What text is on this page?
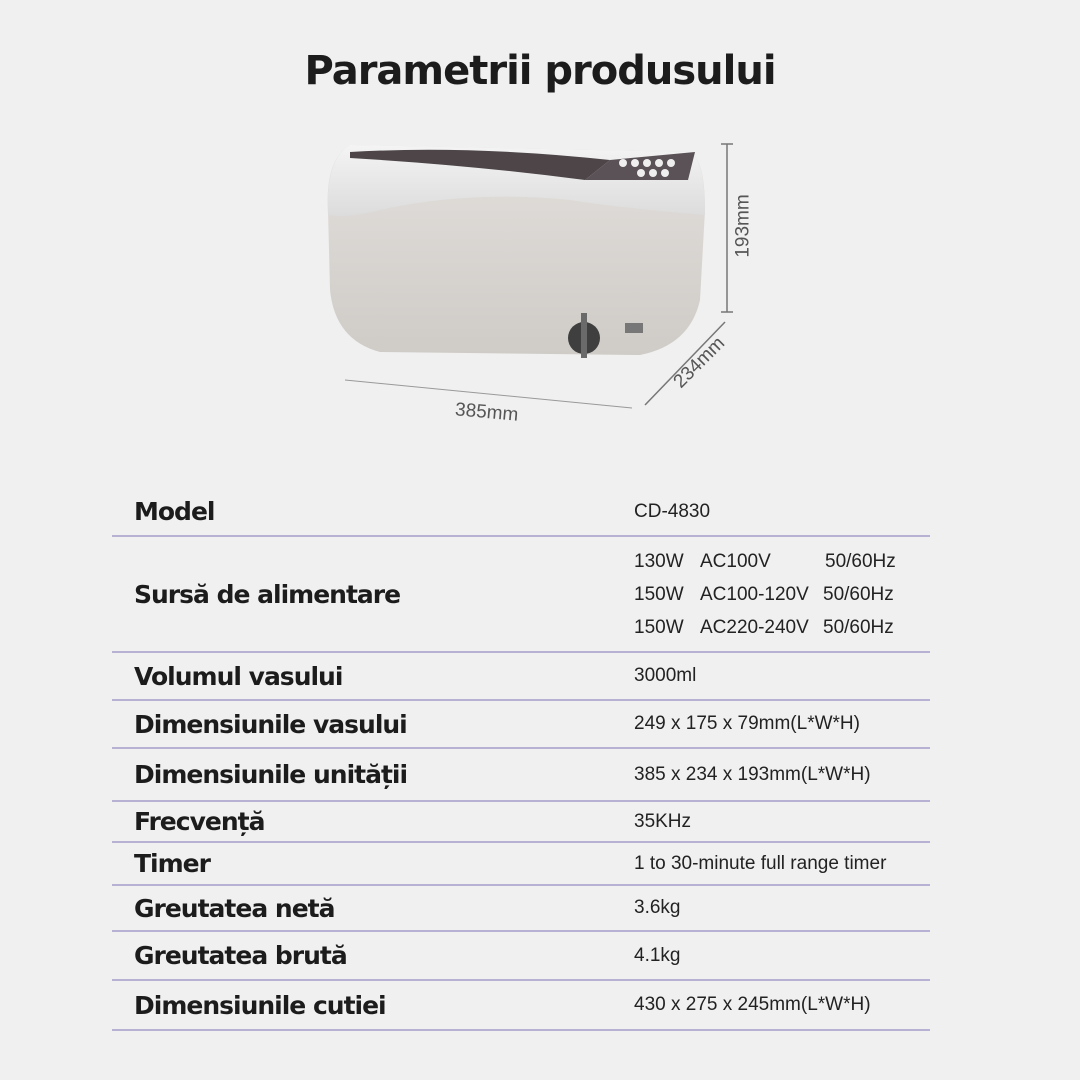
Parametrii produsului
193mm
234mm
385mm
Model	CD-4830
Sursă de alimentare
130W AC100V	50/60Hz
150W AC100-120V 50/60Hz
150W AC220-240V 50/60Hz
Volumul vasului	3000ml
Dimensiunile vasului	249 x 175 x 79mm(L*W*H)
Dimensiunile unității	385 x 234 x 193mm(L*W*H)
Frecvență	35KHz
Timer	1 to 30-minute full range timer
Greutatea netă	3.6kg
Greutatea brută	4.1kg
Dimensiunile cutiei	430 x 275 x 245mm(L*W*H)
